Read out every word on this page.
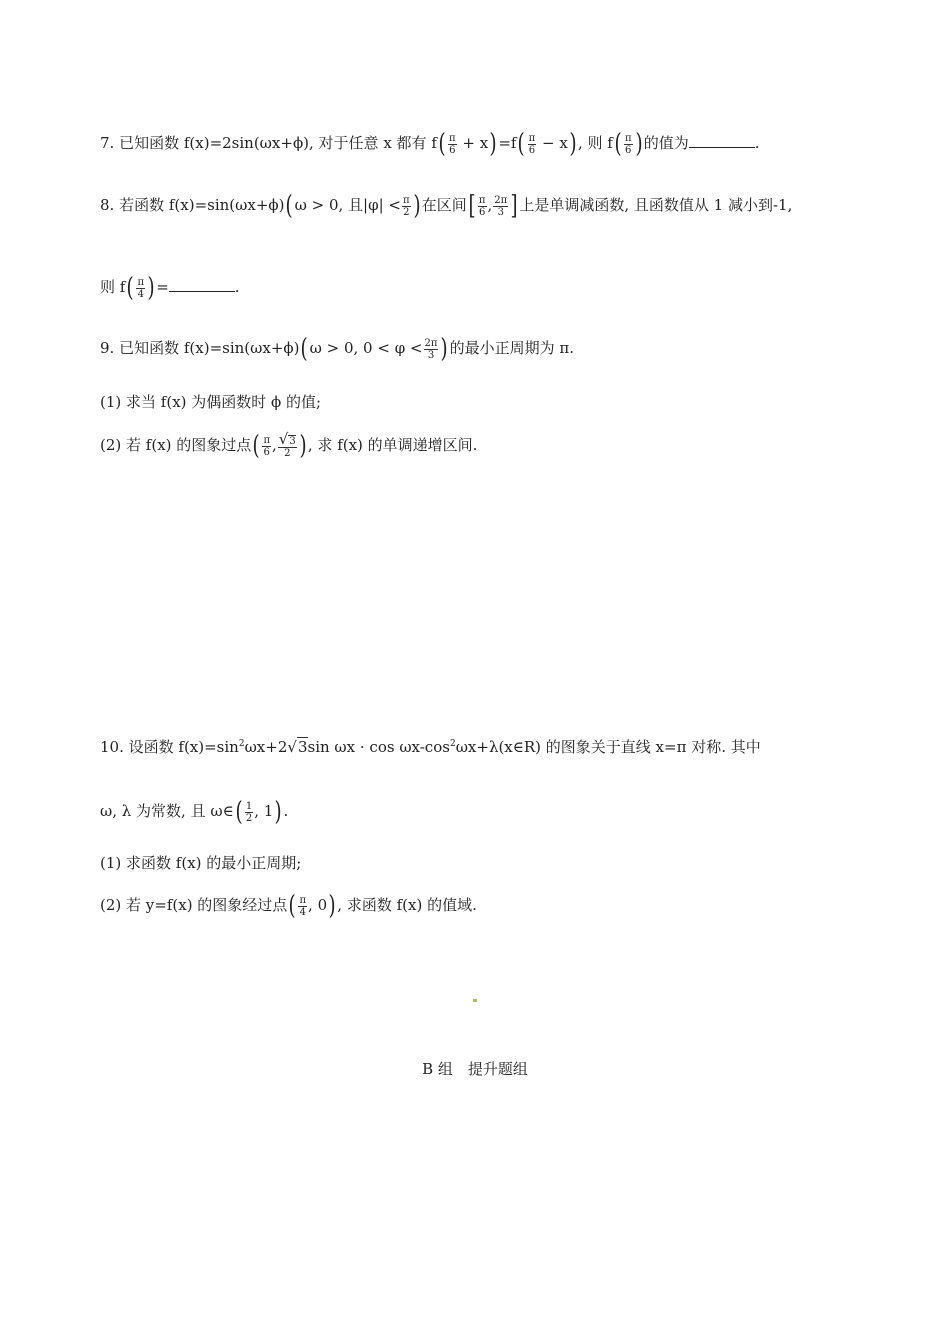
7. 已知函数 f(x)=2sin(ωx+ϕ), 对于任意 x 都有 $f( \frac{\pi}{6} + x) =f( \frac{\pi}{6} - x)$ , 则 $f( \frac{\pi}{6}$ ) 的值为	.
8. 若函数 f(x)=sin(ωx+ϕ)( ω > 0, 且$|\varphi| < \frac{\pi}{2}$ ) 在区间[ $\frac{\pi}{6}$ , $\frac{2\pi}{3}$ ] 上是单调减函数, 且函数值从 1 减小到-1,
则 $f( \frac{\pi}{4}$ ) =	.
9. 已知函数 f(x)=sin(ωx+ϕ)( ω > 0, $0 < \varphi < \frac{2\pi}{3}$ ) 的最小正周期为 π.
(1) 求当 f(x) 为偶函数时 ϕ 的值;
(2) 若 f(x) 的图象过点( $\frac{\pi}{6}$ , $\frac{√3}{2}$ ) , 求 f(x) 的单调递增区间.
10. 设函数 $f(x)=\sin^2\omega x+2√3\sin$ $\omega x \cdot \cos \omega x-\cos^2\omega x+\lambda(x\in R)$ 的图象关于直线 x=π 对称. 其中
ω, λ 为常数, 且 ω∈( $\frac{1}{2}$ , 1) .
(1) 求函数 f(x) 的最小正周期;
(2) 若 y=f(x) 的图象经过点( $\frac{\pi}{4}$ , 0) , 求函数 f(x) 的值域.
B 组　提升题组
